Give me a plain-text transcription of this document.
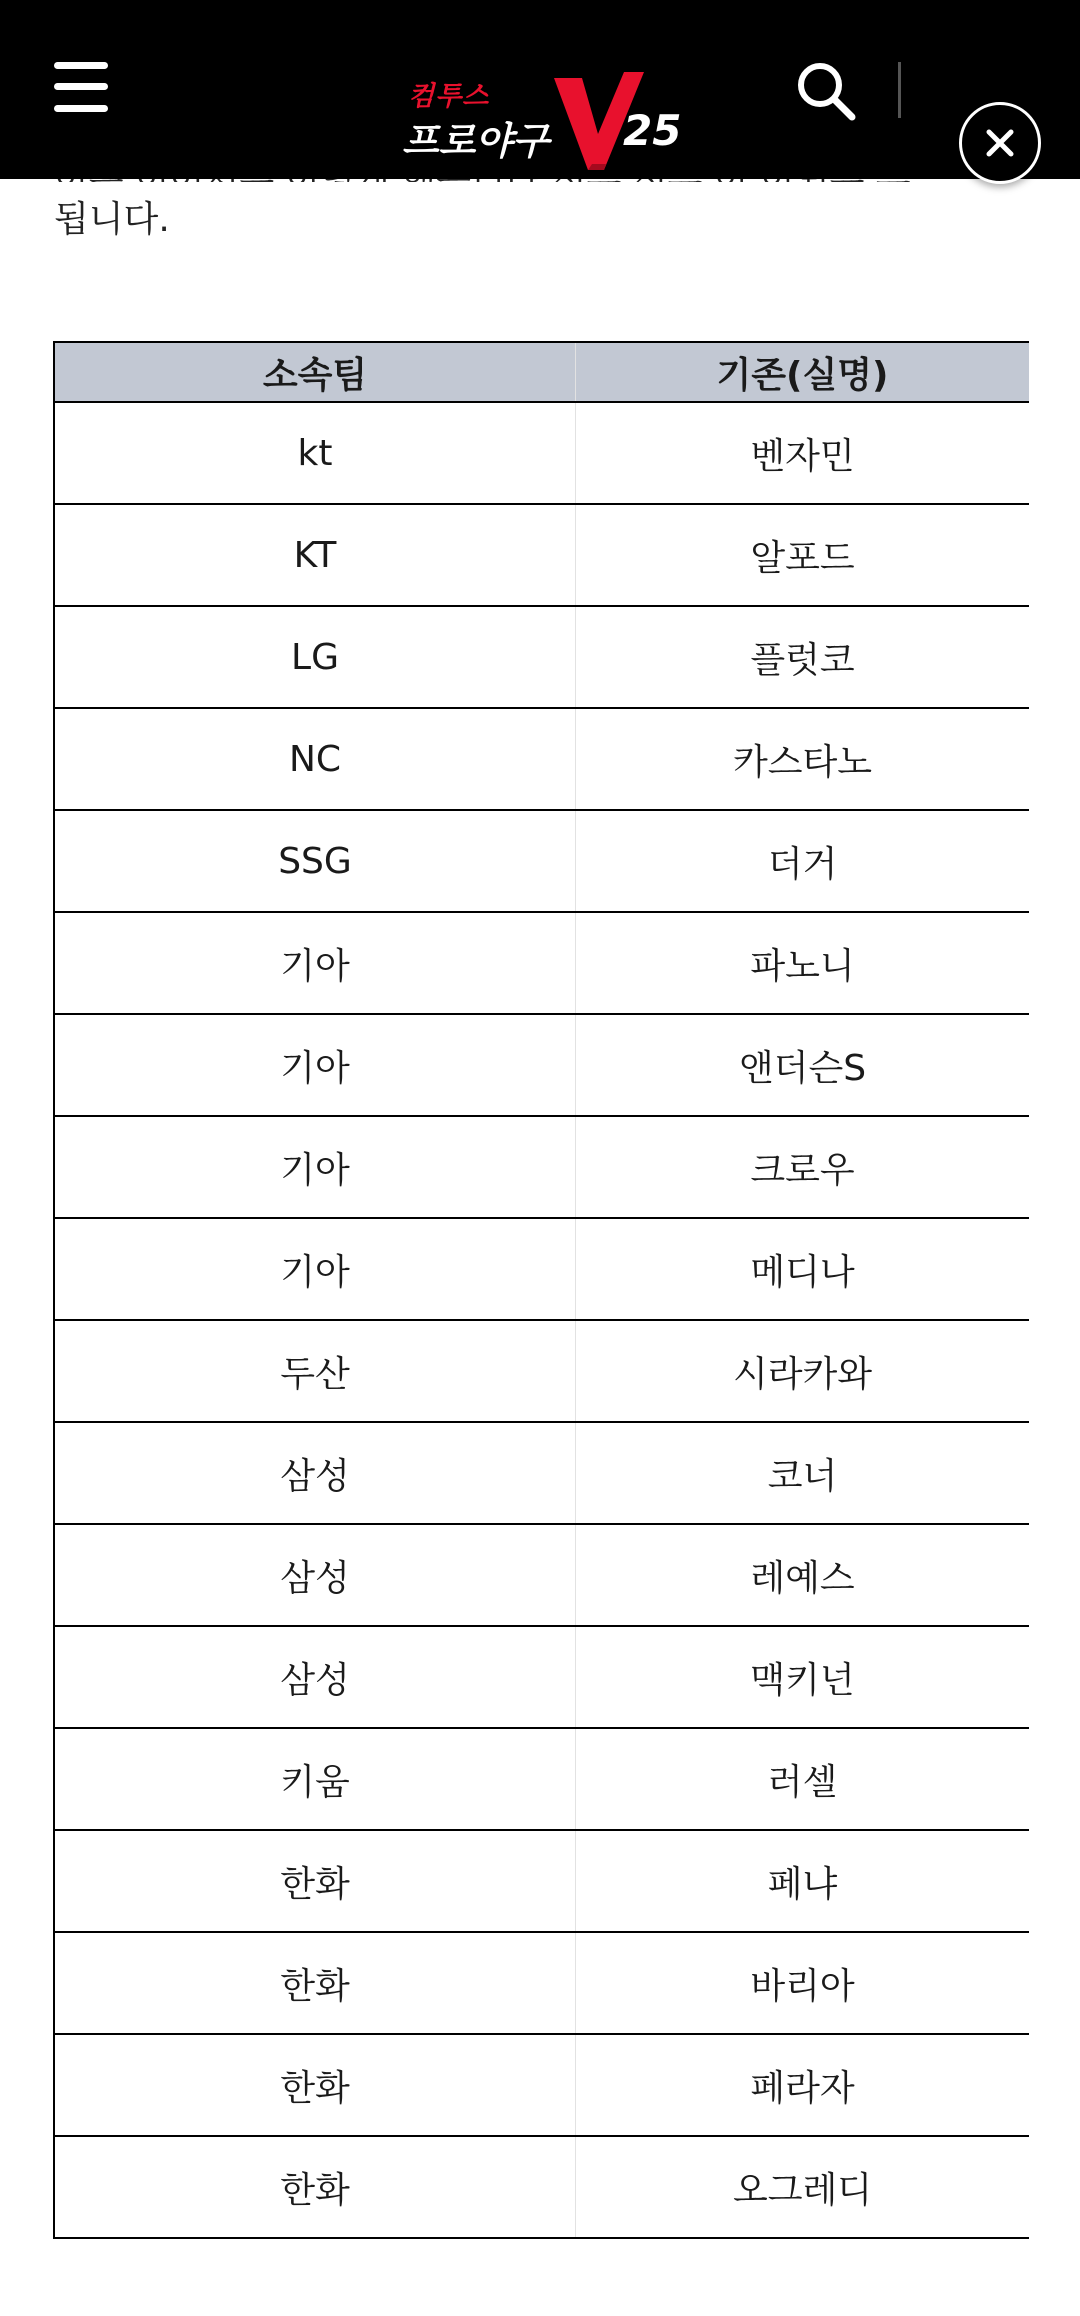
됩니다.
컴투스
프로야구 25
소속팀	기존(실명)
kt	벤자민
KT	알포드
LG	플럿코
NC	카스타노
SSG	더거
기아	파노니
기아	앤더슨S
기아	크로우
기아	메디나
두산	시라카와
삼성	코너
삼성	레예스
삼성	맥키넌
키움	러셀
한화	페냐
한화	바리아
한화	페라자
한화	오그레디
